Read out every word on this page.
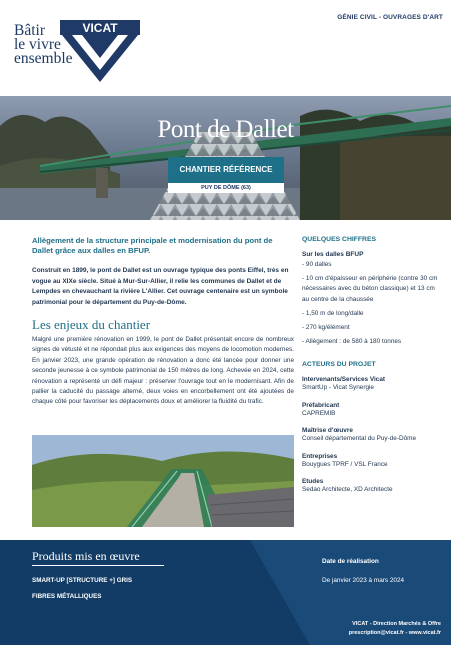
Bâtir
le vivre
ensemble
VICAT
GÉNIE CIVIL - OUVRAGES D'ART
CHANTIER RÉFÉRENCE
PUY DE DÔME (63)
Pont de Dallet
Allègement de la structure principale et modernisation du pont de Dallet grâce aux dalles en BFUP.
Construit en 1899, le pont de Dallet est un ouvrage typique des ponts Eiffel, très en vogue au XIXe siècle. Situé à Mur-Sur-Allier, il relie les communes de Dallet et de Lempdes en chevauchant la rivière L'Allier. Cet ouvrage centenaire est un symbole patrimonial pour le département du Puy-de-Dôme.
Les enjeux du chantier
Malgré une première rénovation en 1999, le pont de Dallet présentait encore de nombreux signes de vétusté et ne répondait plus aux exigences des moyens de locomotion modernes. En janvier 2023, une grande opération de rénovation a donc été lancée pour donner une seconde jeunesse à ce symbole patrimonial de 150 mètres de long. Achevée en 2024, cette rénovation a représenté un défi majeur : préserver l'ouvrage tout en le modernisant. Afin de pallier la caducité du passage alterné, deux voies en encorbellement ont été ajoutées de chaque côté pour favoriser les déplacements doux et améliorer la fluidité du trafic.
QUELQUES CHIFFRES
Sur les dalles BFUP
- 90 dalles
- 10 cm d'épaisseur en périphérie (contre 30 cm nécessaires avec du béton classique) et 13 cm au centre de la chaussée
- 1,50 m de long/dalle
- 270 kg/élément
- Allègement : de 580 à 180 tonnes
ACTEURS DU PROJET
Intervenants/Services Vicat
SmartUp - Vicat Synergie
Préfabricant
CAPREMIB
Maîtrise d'œuvre
Conseil départemental du Puy-de-Dôme
Entreprises
Bouygues TPRF / VSL France
Etudes
Sedao Architecte, XD Architecte
Produits mis en œuvre
SMART-UP [STRUCTURE +] GRIS
FIBRES MÉTALLIQUES
Date de réalisation
De janvier 2023 à mars 2024
VICAT - Direction Marchés & Offre
prescription@vicat.fr - www.vicat.fr
